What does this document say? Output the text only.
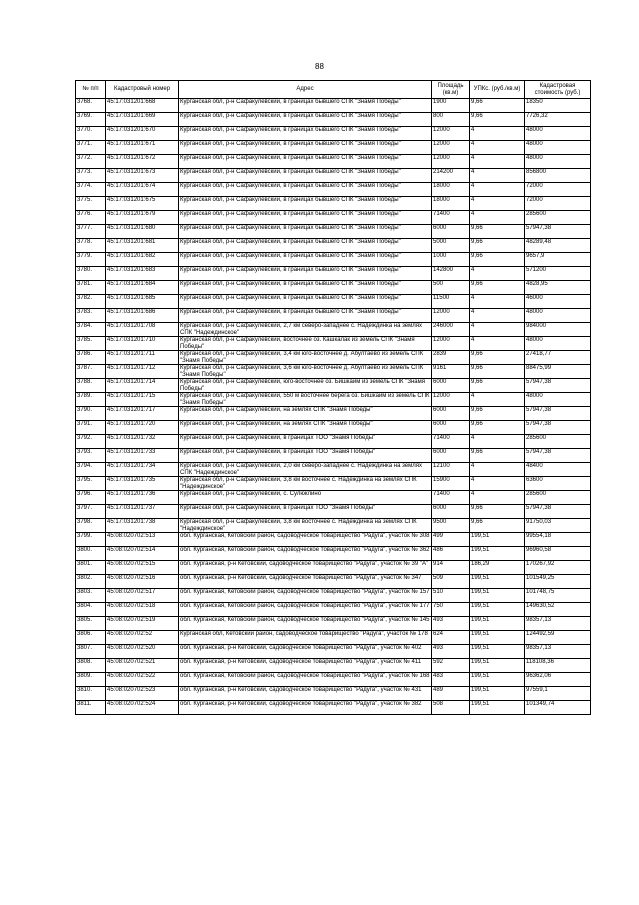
88
№ п/п	Кадастровый номер	Адрес	Площадь (кв.м)	УПКс. (руб./кв.м)	Кадастровая стоимость (руб.)
3768.	45:17:031201:668	Курганская обл, р-н Сафакулевский, в границах бывшего СПК "Знамя Победы"	1900	9,66	18350
3769.	45:17:031201:669	Курганская обл, р-н Сафакулевский, в границах бывшего СПК "Знамя Победы"	800	9,66	7726,32
3770.	45:17:031201:670	Курганская обл, р-н Сафакулевский, в границах бывшего СПК "Знамя Победы"	12000	4	48000
3771.	45:17:031201:671	Курганская обл, р-н Сафакулевский, в границах бывшего СПК "Знамя Победы"	12000	4	48000
3772.	45:17:031201:672	Курганская обл, р-н Сафакулевский, в границах бывшего СПК "Знамя Победы"	12000	4	48000
3773.	45:17:031201:673	Курганская обл, р-н Сафакулевский, в границах бывшего СПК "Знамя Победы"	214200	4	856800
3774.	45:17:031201:674	Курганская обл, р-н Сафакулевский, в границах бывшего СПК "Знамя Победы"	18000	4	72000
3775.	45:17:031201:675	Курганская обл, р-н Сафакулевский, в границах бывшего СПК "Знамя Победы"	18000	4	72000
3776.	45:17:031201:679	Курганская обл, р-н Сафакулевский, в границах бывшего СПК "Знамя Победы"	71400	4	285600
3777.	45:17:031201:680	Курганская обл, р-н Сафакулевский, в границах бывшего СПК "Знамя Победы"	6000	9,66	57947,38
3778.	45:17:031201:681	Курганская обл, р-н Сафакулевский, в границах бывшего СПК "Знамя Победы"	5000	9,66	48289,48
3779.	45:17:031201:682	Курганская обл, р-н Сафакулевский, в границах бывшего СПК "Знамя Победы"	1000	9,66	9657,9
3780.	45:17:031201:683	Курганская обл, р-н Сафакулевский, в границах бывшего СПК "Знамя Победы"	142800	4	571200
3781.	45:17:031201:684	Курганская обл, р-н Сафакулевский, в границах бывшего СПК "Знамя Победы"	500	9,66	4828,95
3782.	45:17:031201:685	Курганская обл, р-н Сафакулевский, в границах бывшего СПК "Знамя Победы"	11500	4	46000
3783.	45:17:031201:686	Курганская обл, р-н Сафакулевский, в границах бывшего СПК "Знамя Победы"	12000	4	48000
3784.	45:17:031201:708	Курганская обл, р-н Сафакулевский, 2,7 км северо-западнее с. Надеждинка на землях СПК "Надеждинское"	246000	4	984000
3785.	45:17:031201:710	Курганская обл, р-н Сафакулевский, восточнее оз. Кашкалак из земель СПК "Знамя Победы"	12000	4	48000
3786.	45:17:031201:711	Курганская обл, р-н Сафакулевский, 3,4 км юго-восточнее д. Абултаево из земель СПК "Знамя Победы"	2839	9,66	27418,77
3787.	45:17:031201:712	Курганская обл, р-н Сафакулевский, 3,6 км юго-восточнее д. Абултаево из земель СПК "Знамя Победы"	9161	9,66	88475,99
3788.	45:17:031201:714	Курганская обл, р-н Сафакулевский, юго-восточнее оз. Бишкаим из земель СПК "Знамя Победы"	6000	9,66	57947,38
3789.	45:17:031201:715	Курганская обл, р-н Сафакулевский, 550 м восточнее берега оз. Бишкаим из земель СПК "Знамя Победы"	12000	4	48000
3790.	45:17:031201:717	Курганская обл, р-н Сафакулевский, на землях СПК "Знамя Победы"	6000	9,66	57947,38
3791.	45:17:031201:720	Курганская обл, р-н Сафакулевский, на землях СПК "Знамя Победы"	6000	9,66	57947,38
3792.	45:17:031201:732	Курганская обл, р-н Сафакулевский, в границах ТОО "Знамя Победы"	71400	4	285600
3793.	45:17:031201:733	Курганская обл, р-н Сафакулевский, в границах ТОО "Знамя Победы"	6000	9,66	57947,38
3794.	45:17:031201:734	Курганская обл, р-н Сафакулевский, 2,0 км северо-западнее с. Надеждинка на землях СПК "Надеждинское"	12100	4	48400
3795.	45:17:031201:735	Курганская обл, р-н Сафакулевский, 3,8 км восточнее с. Надеждинка на землях СПК "Надеждинское"	15900	4	63600
3796.	45:17:031201:736	Курганская обл, р-н Сафакулевский, с. Сулюклино	71400	4	285600
3797.	45:17:031201:737	Курганская обл, р-н Сафакулевский, в границах ТОО "Знамя Победы"	6000	9,66	57947,38
3798.	45:17:031201:738	Курганская обл, р-н Сафакулевский, 3,8 км восточнее с. Надеждинка на землях СПК "Надеждинское"	9500	9,66	91750,03
3799.	45:08:020702:513	обл. Курганская, Кетовский район, садоводческое товарищество "Радуга", участок № 308	499	199,51	99554,18
3800.	45:08:020702:514	обл. Курганская, Кетовский район, садоводческое товарищество "Радуга", участок № 362	486	199,51	96960,58
3801.	45:08:020702:515	обл. Курганская, р-н Кетовский, садоводческое товарищество "Радуга", участок № 39 "А"	914	186,29	170267,92
3802.	45:08:020702:516	обл. Курганская, р-н Кетовский, садоводческое товарищество "Радуга", участок № 347	509	199,51	101549,25
3803.	45:08:020702:517	обл. Курганская, Кетовский район, садоводческое товарищество "Радуга", участок № 157	510	199,51	101748,75
3804.	45:08:020702:518	обл. Курганская, Кетовский район, садоводческое товарищество "Радуга", участок № 177	750	199,51	149630,52
3805.	45:08:020702:519	обл. Курганская, Кетовский район, садоводческое товарищество "Радуга", участок № 145	493	199,51	98357,13
3806.	45:08:020702:52	Курганская обл, Кетовский район, садоводческое товарищество "Радуга", участок № 178	624	199,51	124492,59
3807.	45:08:020702:520	обл. Курганская, р-н Кетовский, садоводческое товарищество "Радуга", участок № 402	493	199,51	98357,13
3808.	45:08:020702:521	обл. Курганская, р-н Кетовский, садоводческое товарищество "Радуга", участок № 411	592	199,51	118108,36
3809.	45:08:020702:522	обл. Курганская, Кетовский район, садоводческое товарищество "Радуга", участок № 168	483	199,51	96362,06
3810.	45:08:020702:523	обл. Курганская, р-н Кетовский, садоводческое товарищество "Радуга", участок № 431	489	199,51	97559,1
3811.	45:08:020702:524	обл. Курганская, р-н Кетовский, садоводческое товарищество "Радуга", участок № 382	508	199,51	101349,74
